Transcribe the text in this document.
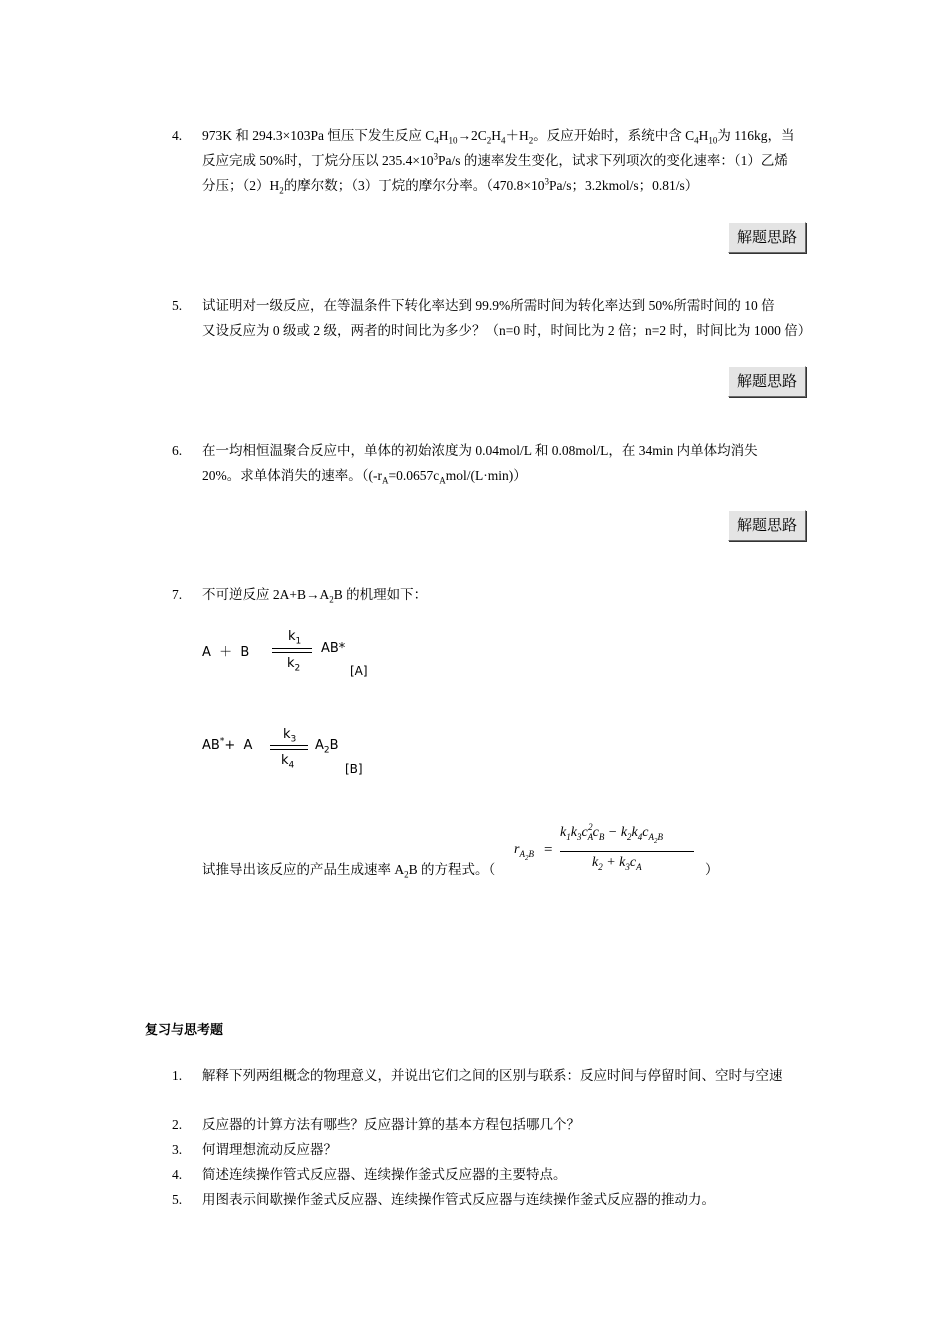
4.	973K 和 294.3×103Pa 恒压下发生反应 $C_4H_{10}\to 2C_2H_4+H_2$。反应开始时，系统中含 $C_4H_{10}$为 116kg，当
反应完成 50%时，丁烷分压以 $235.4\times 10^3Pa/s$ 的速率发生变化，试求下列项次的变化速率：（1）乙烯
分压；$(2)H_2$的摩尔数；（3）丁烷的摩尔分率。（$470.8\times 10^3Pa/s$；3.2kmol/s；0.81/s）
解题思路
5.	试证明对一级反应，在等温条件下转化率达到 99.9%所需时间为转化率达到 50%所需时间的 10 倍
又设反应为 0 级或 2 级，两者的时间比为多少？（n=0 时，时间比为 2 倍；n=2 时，时间比为 1000 倍）
解题思路
6.	在一均相恒温聚合反应中，单体的初始浓度为 0.04mol/L 和 0.08mol/L，在 34min 内单体均消失
20%。求单体消失的速率。（$(-r_A=0.0657c_Amol/(L\cdot\min))$
解题思路
7.	不可逆反应 $2A+B\to A_2B$ 的机理如下：
A  ＋  B
$k_1$
$k_2$
AB*
[A]
AB*+  A
$k_3$
$k_4$
$A_2B$
[B]
试推导出该反应的产品生成速率 $A_2B$ 的方程式。（	）
$r_{A_2B}$ =
$k_1k_3c_A^2c_B - k_2k_4c_{A_2B}$
$k_2 + k_3c_A$
复习与思考题
1.	解释下列两组概念的物理意义，并说出它们之间的区别与联系：反应时间与停留时间、空时与空速
2.	反应器的计算方法有哪些？反应器计算的基本方程包括哪几个？
3.	何谓理想流动反应器？
4.	简述连续操作管式反应器、连续操作釜式反应器的主要特点。
5.	用图表示间歇操作釜式反应器、连续操作管式反应器与连续操作釜式反应器的推动力。
